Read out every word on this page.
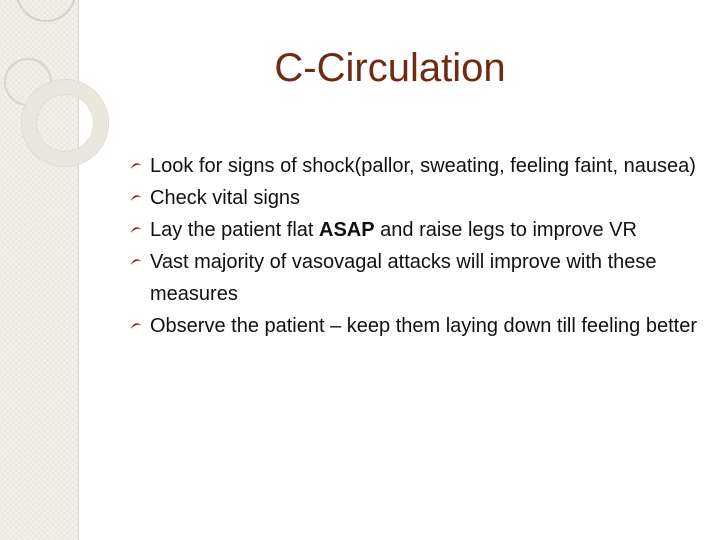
C-Circulation
Look for signs of shock(pallor, sweating, feeling faint, nausea)
Check vital signs
Lay the patient flat ASAP and raise legs to improve VR
Vast majority of vasovagal attacks will improve with these measures
Observe the patient – keep them laying down till feeling better
